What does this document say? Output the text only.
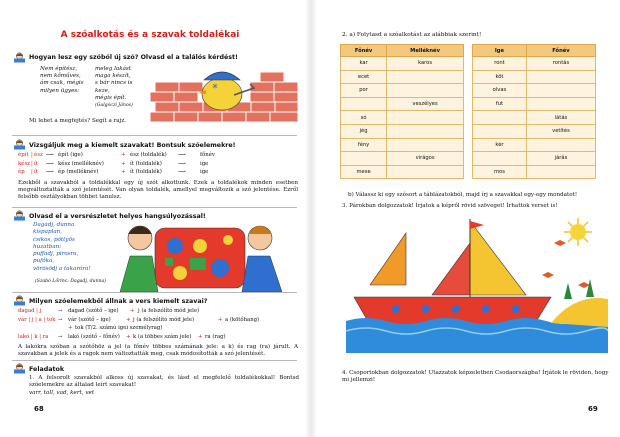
A szóalkotás és a szavak toldalékai
Hogyan lesz egy szóból új szó? Olvasd el a találós kérdést!
Nem építész,
nem kőműves,
ám csak, mégis
milyen ügyes:
meleg lakást
maga készít,
s bár nincs is
keze,
mégis épít.
(Galgóczi János)
Mi lehet a megfejtés? Segít a rajz.
Vizsgáljuk meg a kiemelt szavakat! Bontsuk szóelemekre!
épít | ész ⟶ épít (ige)	+ ész (toldalék) ⟶	főnév
kész | ít ⟶ kész (melléknév)	+ ít (toldalék)	⟶	ige
ép | ít ⟶ ép (melléknév)	+ ít (toldalék)	⟶	ige
Ezekből a szavakból a toldalékkal egy új szót alkottunk. Ezek a toldalékok minden esetben megváltoztatták a szó jelentését. Van olyan toldalék, amellyel megváltozik a szó jelentése. Ezről felsőbb osztályokban többet tanulsz.
Olvasd el a versrészletet helyes hangsúlyozással!
Dagadj, dunna
kispaplan,
csikos, pöttyös
huzatban:
puffadj, pirosra,
pufóka,
vörösödj a takaróra!
(Szabó Lőrinc: Dagadj, dunna)
Milyen szóelemekből állnak a vers kiemelt szavai?
dagad | j	→ dagad (szótő – ige) + j (a felszólító mód jele)
vár | j | a | tok → vár (szótő – ige)	+ j (a felszólító mód jele)	+ a (kötőhang)
+ tok (T/2. számú igei személyrag)
lakó | k | ra → lakó (szótő – főnév) + k (a többes szám jele) + ra (rag)
A lakókra szóban a szótőhöz a jel (a főnév többes számának jele: a k) és rag (ra) járult. A szavakban a jelek és a ragok nem változtatták meg, csak módosították a szó jelentését.
Feladatok
1. A felsorolt szavakból alkoss új szavakat, és lásd el megfelelő toldalékokkal! Bontsd szóelemekre az általad leírt szavakat!
varr, toll, vad, kert, vet
68
2. a) Folytasd a szóalkotást az alábbiak szerint!
Főnév	Melléknév
kar	karos
ecet	
por	
	veszélyes
só	
jég	
fény	
	virágos
mese	
Ige	Főnév
ront	rontás
köt	
olvas	
fut	
	látás
	vetítés
kér	
	járás
mos	
b) Válassz ki egy szósort a táblázatokból, majd írj a szavakkal egy-egy mondatot!
3. Párokban dolgozzatok! Írjatok a képről rövid szöveget! Írhattok verset is!
4. Csoportokban dolgozzatok! Utazzatok képzeletben Csodaországba! Írjátok le röviden, hogy mi jellemzi!
69
